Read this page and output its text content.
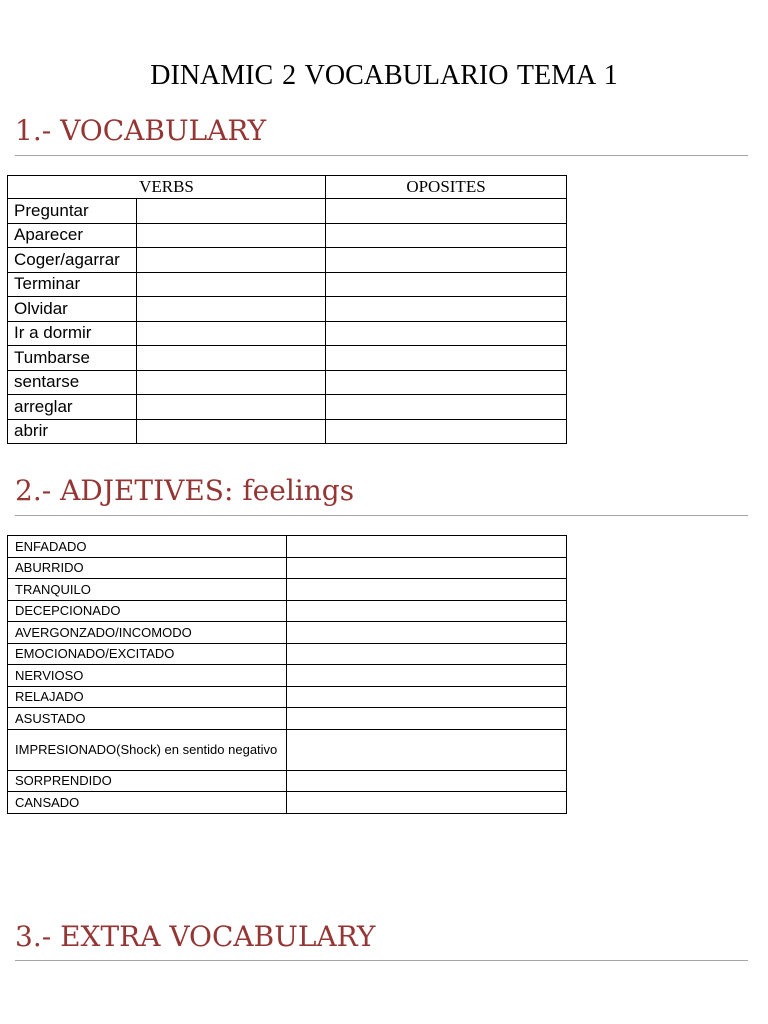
DINAMIC 2 VOCABULARIO TEMA 1
1.- VOCABULARY
VERBS	OPOSITES

Preguntar	

Aparecer	

Coger/agarrar	

Terminar	

Olvidar	

Ir a dormir	

Tumbarse	

sentarse	

arreglar	

abrir	

2.- ADJETIVES: feelings
ENFADADO	
ABURRIDO	
TRANQUILO	
DECEPCIONADO	
AVERGONZADO/INCOMODO	
EMOCIONADO/EXCITADO	
NERVIOSO	
RELAJADO	
ASUSTADO	
IMPRESIONADO(Shock) en sentido negativo	
SORPRENDIDO	
CANSADO	
3.- EXTRA VOCABULARY
